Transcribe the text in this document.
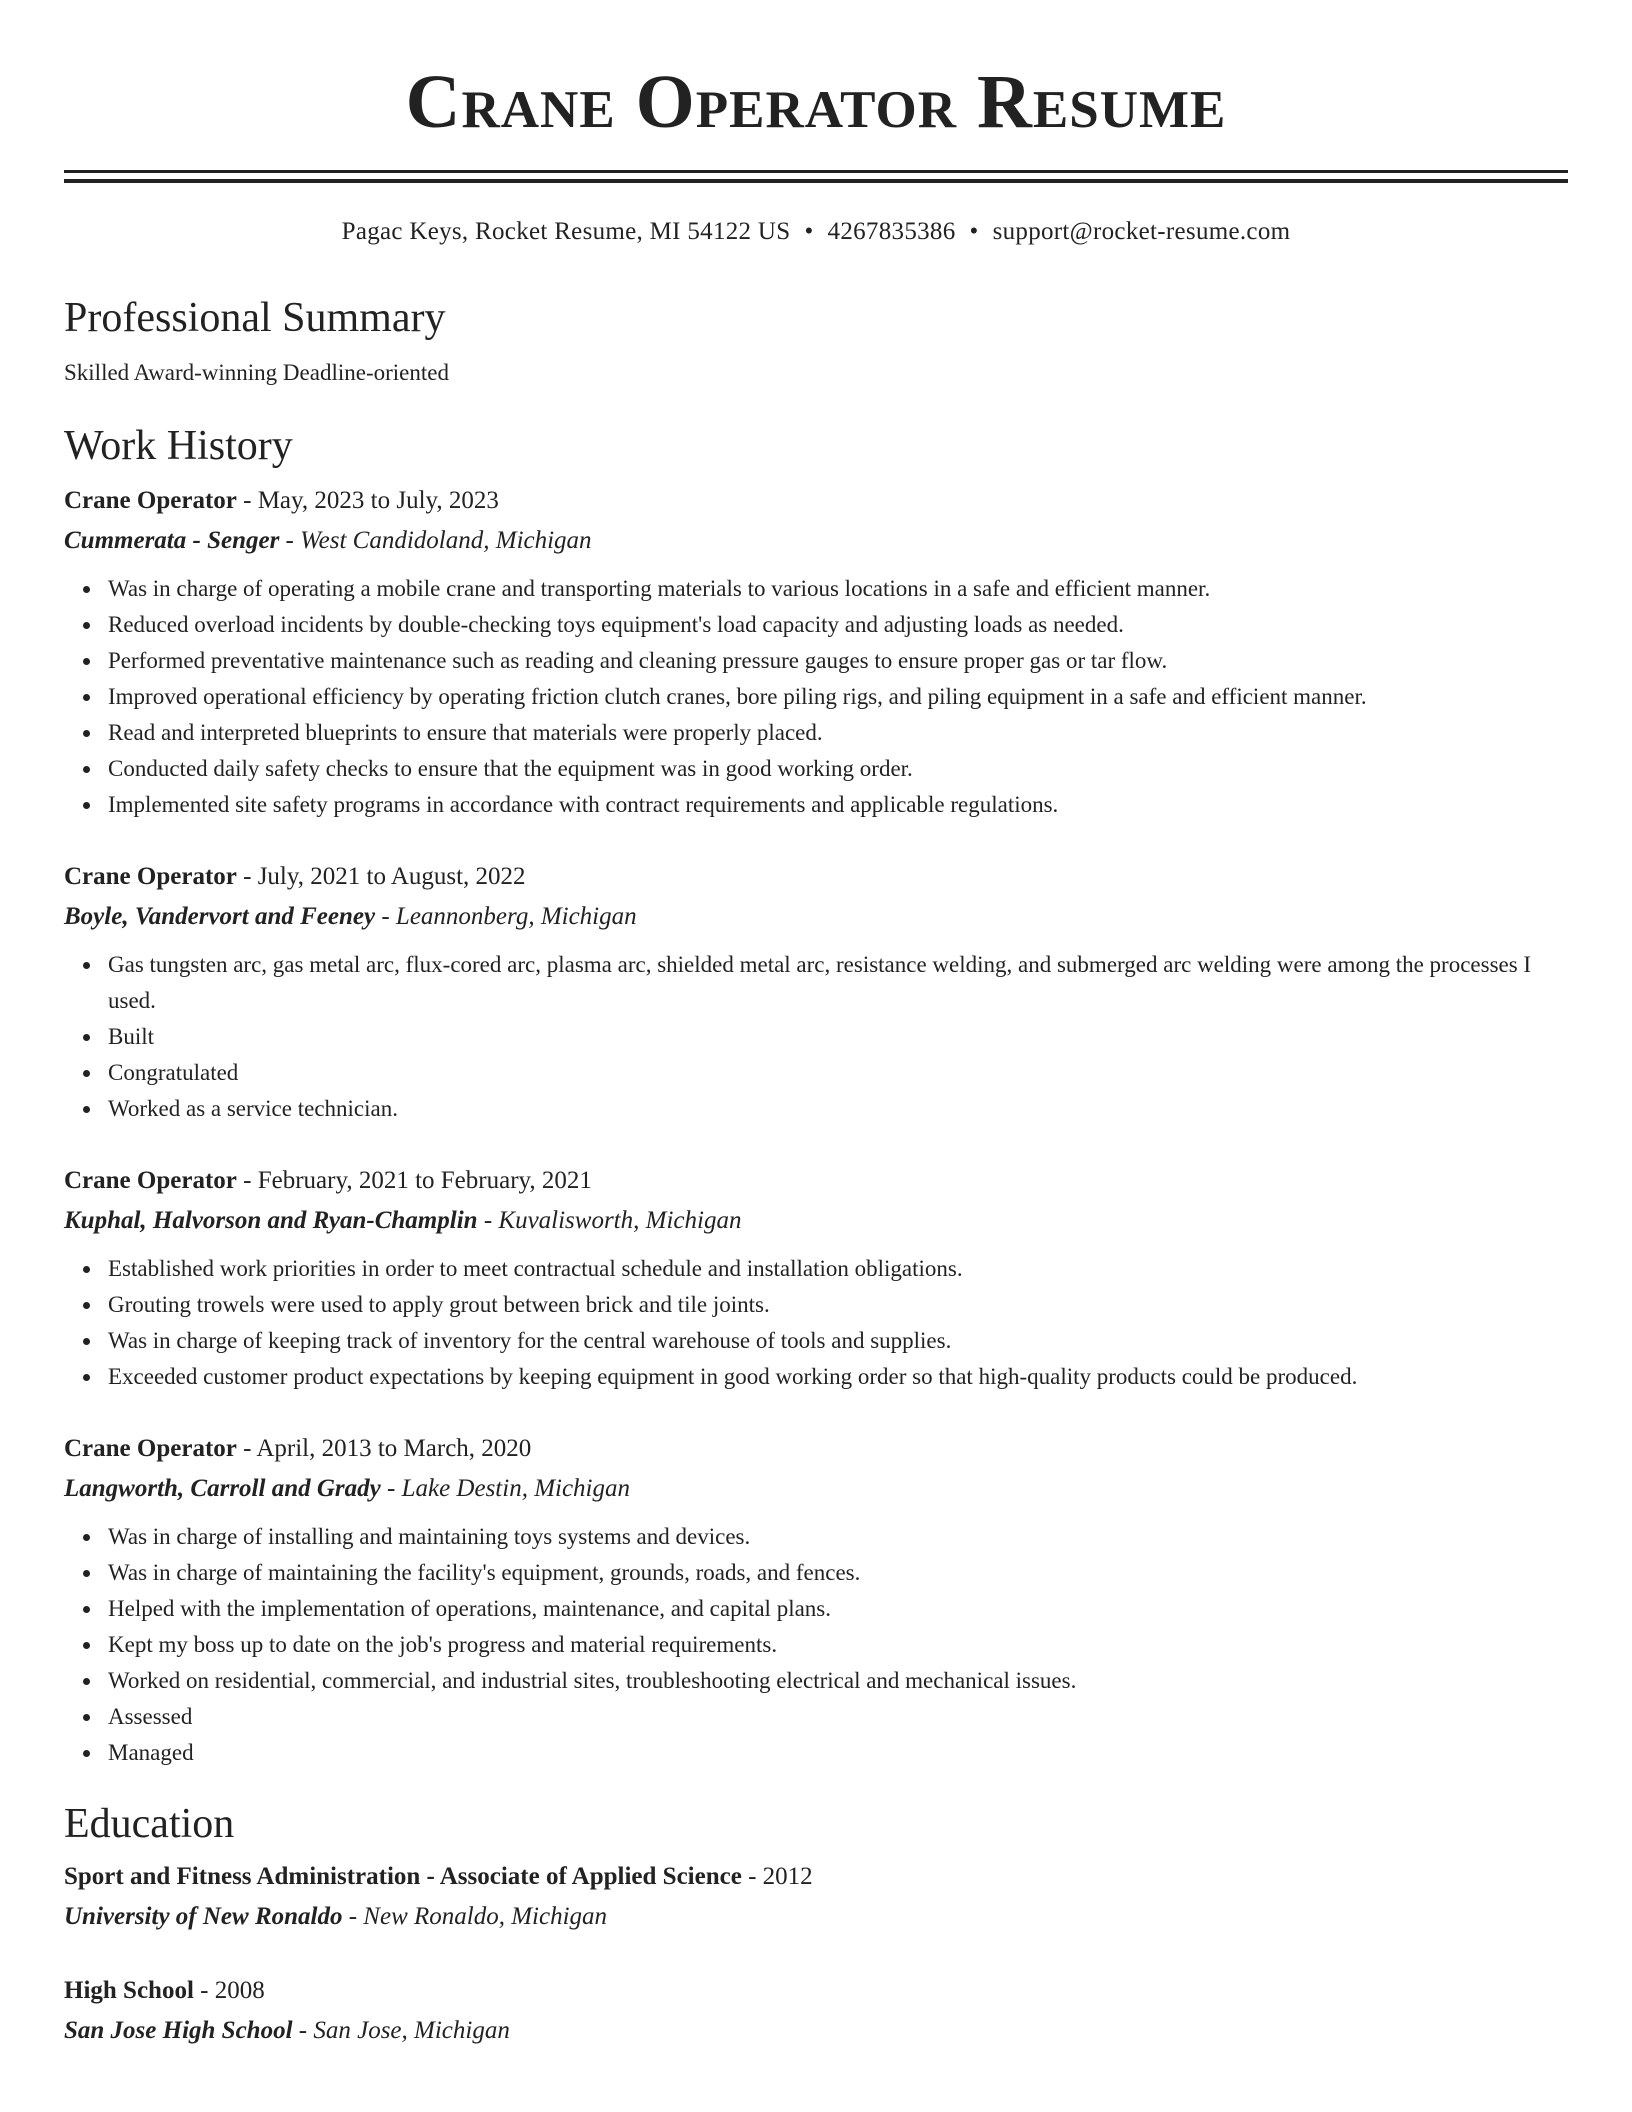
Crane Operator Resume
Pagac Keys, Rocket Resume, MI 54122 US • 4267835386 • support@rocket-resume.com
Professional Summary
Skilled Award-winning Deadline-oriented
Work History
Crane Operator - May, 2023 to July, 2023
Cummerata - Senger - West Candidoland, Michigan
Was in charge of operating a mobile crane and transporting materials to various locations in a safe and efficient manner.
Reduced overload incidents by double-checking toys equipment's load capacity and adjusting loads as needed.
Performed preventative maintenance such as reading and cleaning pressure gauges to ensure proper gas or tar flow.
Improved operational efficiency by operating friction clutch cranes, bore piling rigs, and piling equipment in a safe and efficient manner.
Read and interpreted blueprints to ensure that materials were properly placed.
Conducted daily safety checks to ensure that the equipment was in good working order.
Implemented site safety programs in accordance with contract requirements and applicable regulations.
Crane Operator - July, 2021 to August, 2022
Boyle, Vandervort and Feeney - Leannonberg, Michigan
Gas tungsten arc, gas metal arc, flux-cored arc, plasma arc, shielded metal arc, resistance welding, and submerged arc welding were among the processes I used.
Built
Congratulated
Worked as a service technician.
Crane Operator - February, 2021 to February, 2021
Kuphal, Halvorson and Ryan-Champlin - Kuvalisworth, Michigan
Established work priorities in order to meet contractual schedule and installation obligations.
Grouting trowels were used to apply grout between brick and tile joints.
Was in charge of keeping track of inventory for the central warehouse of tools and supplies.
Exceeded customer product expectations by keeping equipment in good working order so that high-quality products could be produced.
Crane Operator - April, 2013 to March, 2020
Langworth, Carroll and Grady - Lake Destin, Michigan
Was in charge of installing and maintaining toys systems and devices.
Was in charge of maintaining the facility's equipment, grounds, roads, and fences.
Helped with the implementation of operations, maintenance, and capital plans.
Kept my boss up to date on the job's progress and material requirements.
Worked on residential, commercial, and industrial sites, troubleshooting electrical and mechanical issues.
Assessed
Managed
Education
Sport and Fitness Administration - Associate of Applied Science - 2012
University of New Ronaldo - New Ronaldo, Michigan
High School - 2008
San Jose High School - San Jose, Michigan
